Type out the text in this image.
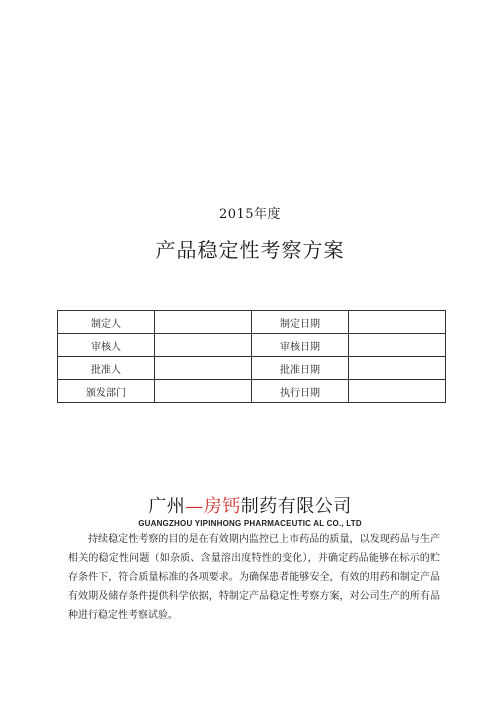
2015年度
产品稳定性考察方案
制定人		制定日期	
审核人		审核日期	
批准人		批准日期	
颁发部门		执行日期	
广州—房钙制药有限公司
GUANGZHOU YIPINHONG PHARMACEUTIC AL CO., LTD

持续稳定性考察的目的是在有效期内监控已上市药品的质量，以发现药品与生产相关的稳定性问题（如杂质、含量溶出度特性的变化），并确定药品能够在标示的贮存条件下，符合质量标准的各项要求。为确保患者能够安全，有效的用药和制定产品有效期及储存条件提供科学依据，特制定产品稳定性考察方案，对公司生产的所有品种进行稳定性考察试验。
